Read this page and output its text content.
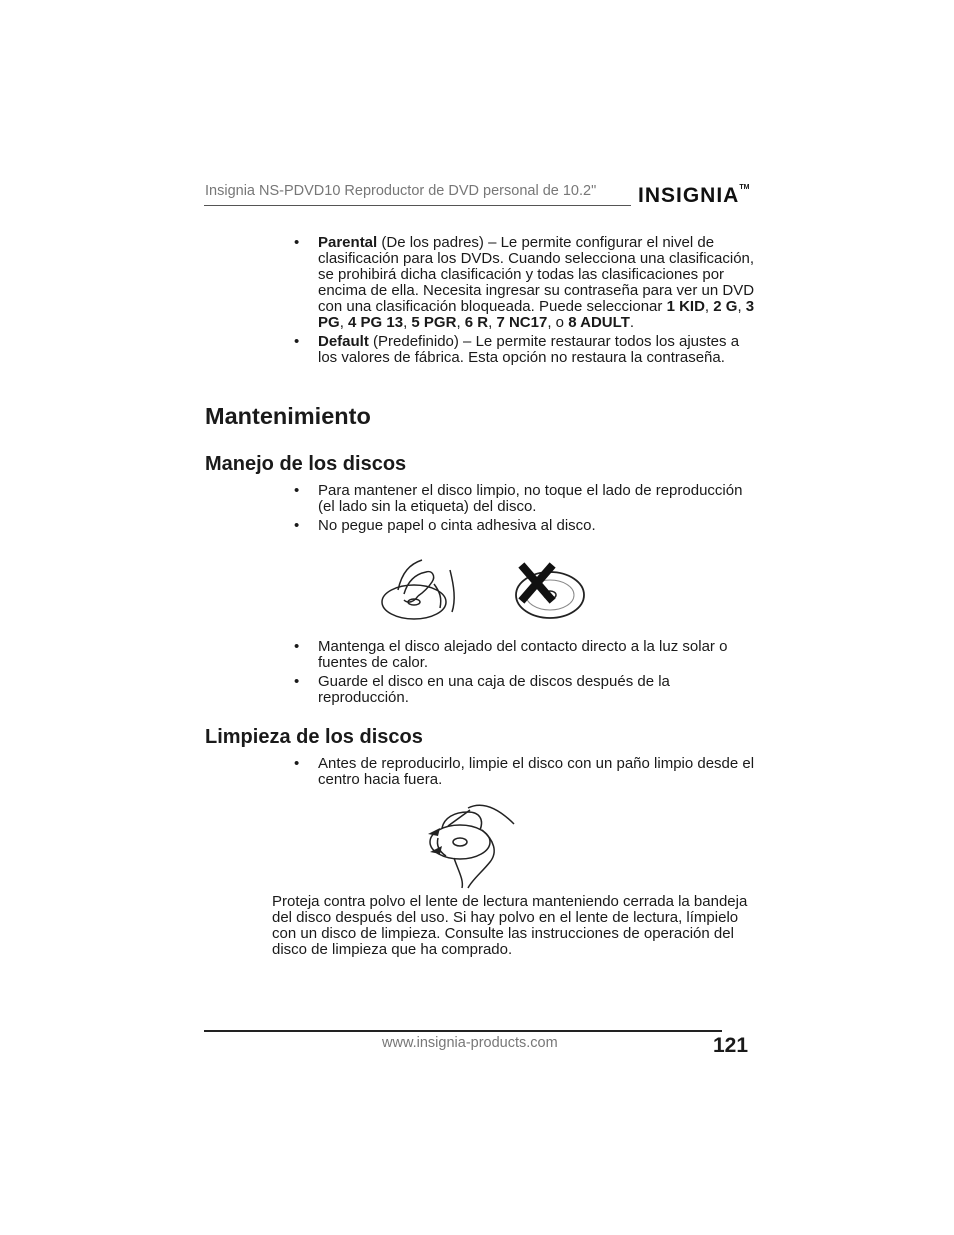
Insignia NS-PDVD10 Reproductor de DVD personal de 10.2" INSIGNIA™
• Parental (De los padres) – Le permite configurar el nivel de clasificación para los DVDs. Cuando selecciona una clasificación, se prohibirá dicha clasificación y todas las clasificaciones por encima de ella. Necesita ingresar su contraseña para ver un DVD con una clasificación bloqueada. Puede seleccionar 1 KID, 2 G, 3 PG, 4 PG 13, 5 PGR, 6 R, 7 NC17, o 8 ADULT.
• Default (Predefinido) – Le permite restaurar todos los ajustes a los valores de fábrica. Esta opción no restaura la contraseña.
Mantenimiento
Manejo de los discos
• Para mantener el disco limpio, no toque el lado de reproducción (el lado sin la etiqueta) del disco.
• No pegue papel o cinta adhesiva al disco.
• Mantenga el disco alejado del contacto directo a la luz solar o fuentes de calor.
• Guarde el disco en una caja de discos después de la reproducción.
Limpieza de los discos
• Antes de reproducirlo, limpie el disco con un paño limpio desde el centro hacia fuera.
Proteja contra polvo el lente de lectura manteniendo cerrada la bandeja del disco después del uso. Si hay polvo en el lente de lectura, límpielo con un disco de limpieza. Consulte las instrucciones de operación del disco de limpieza que ha comprado.
www.insignia-products.com	121
